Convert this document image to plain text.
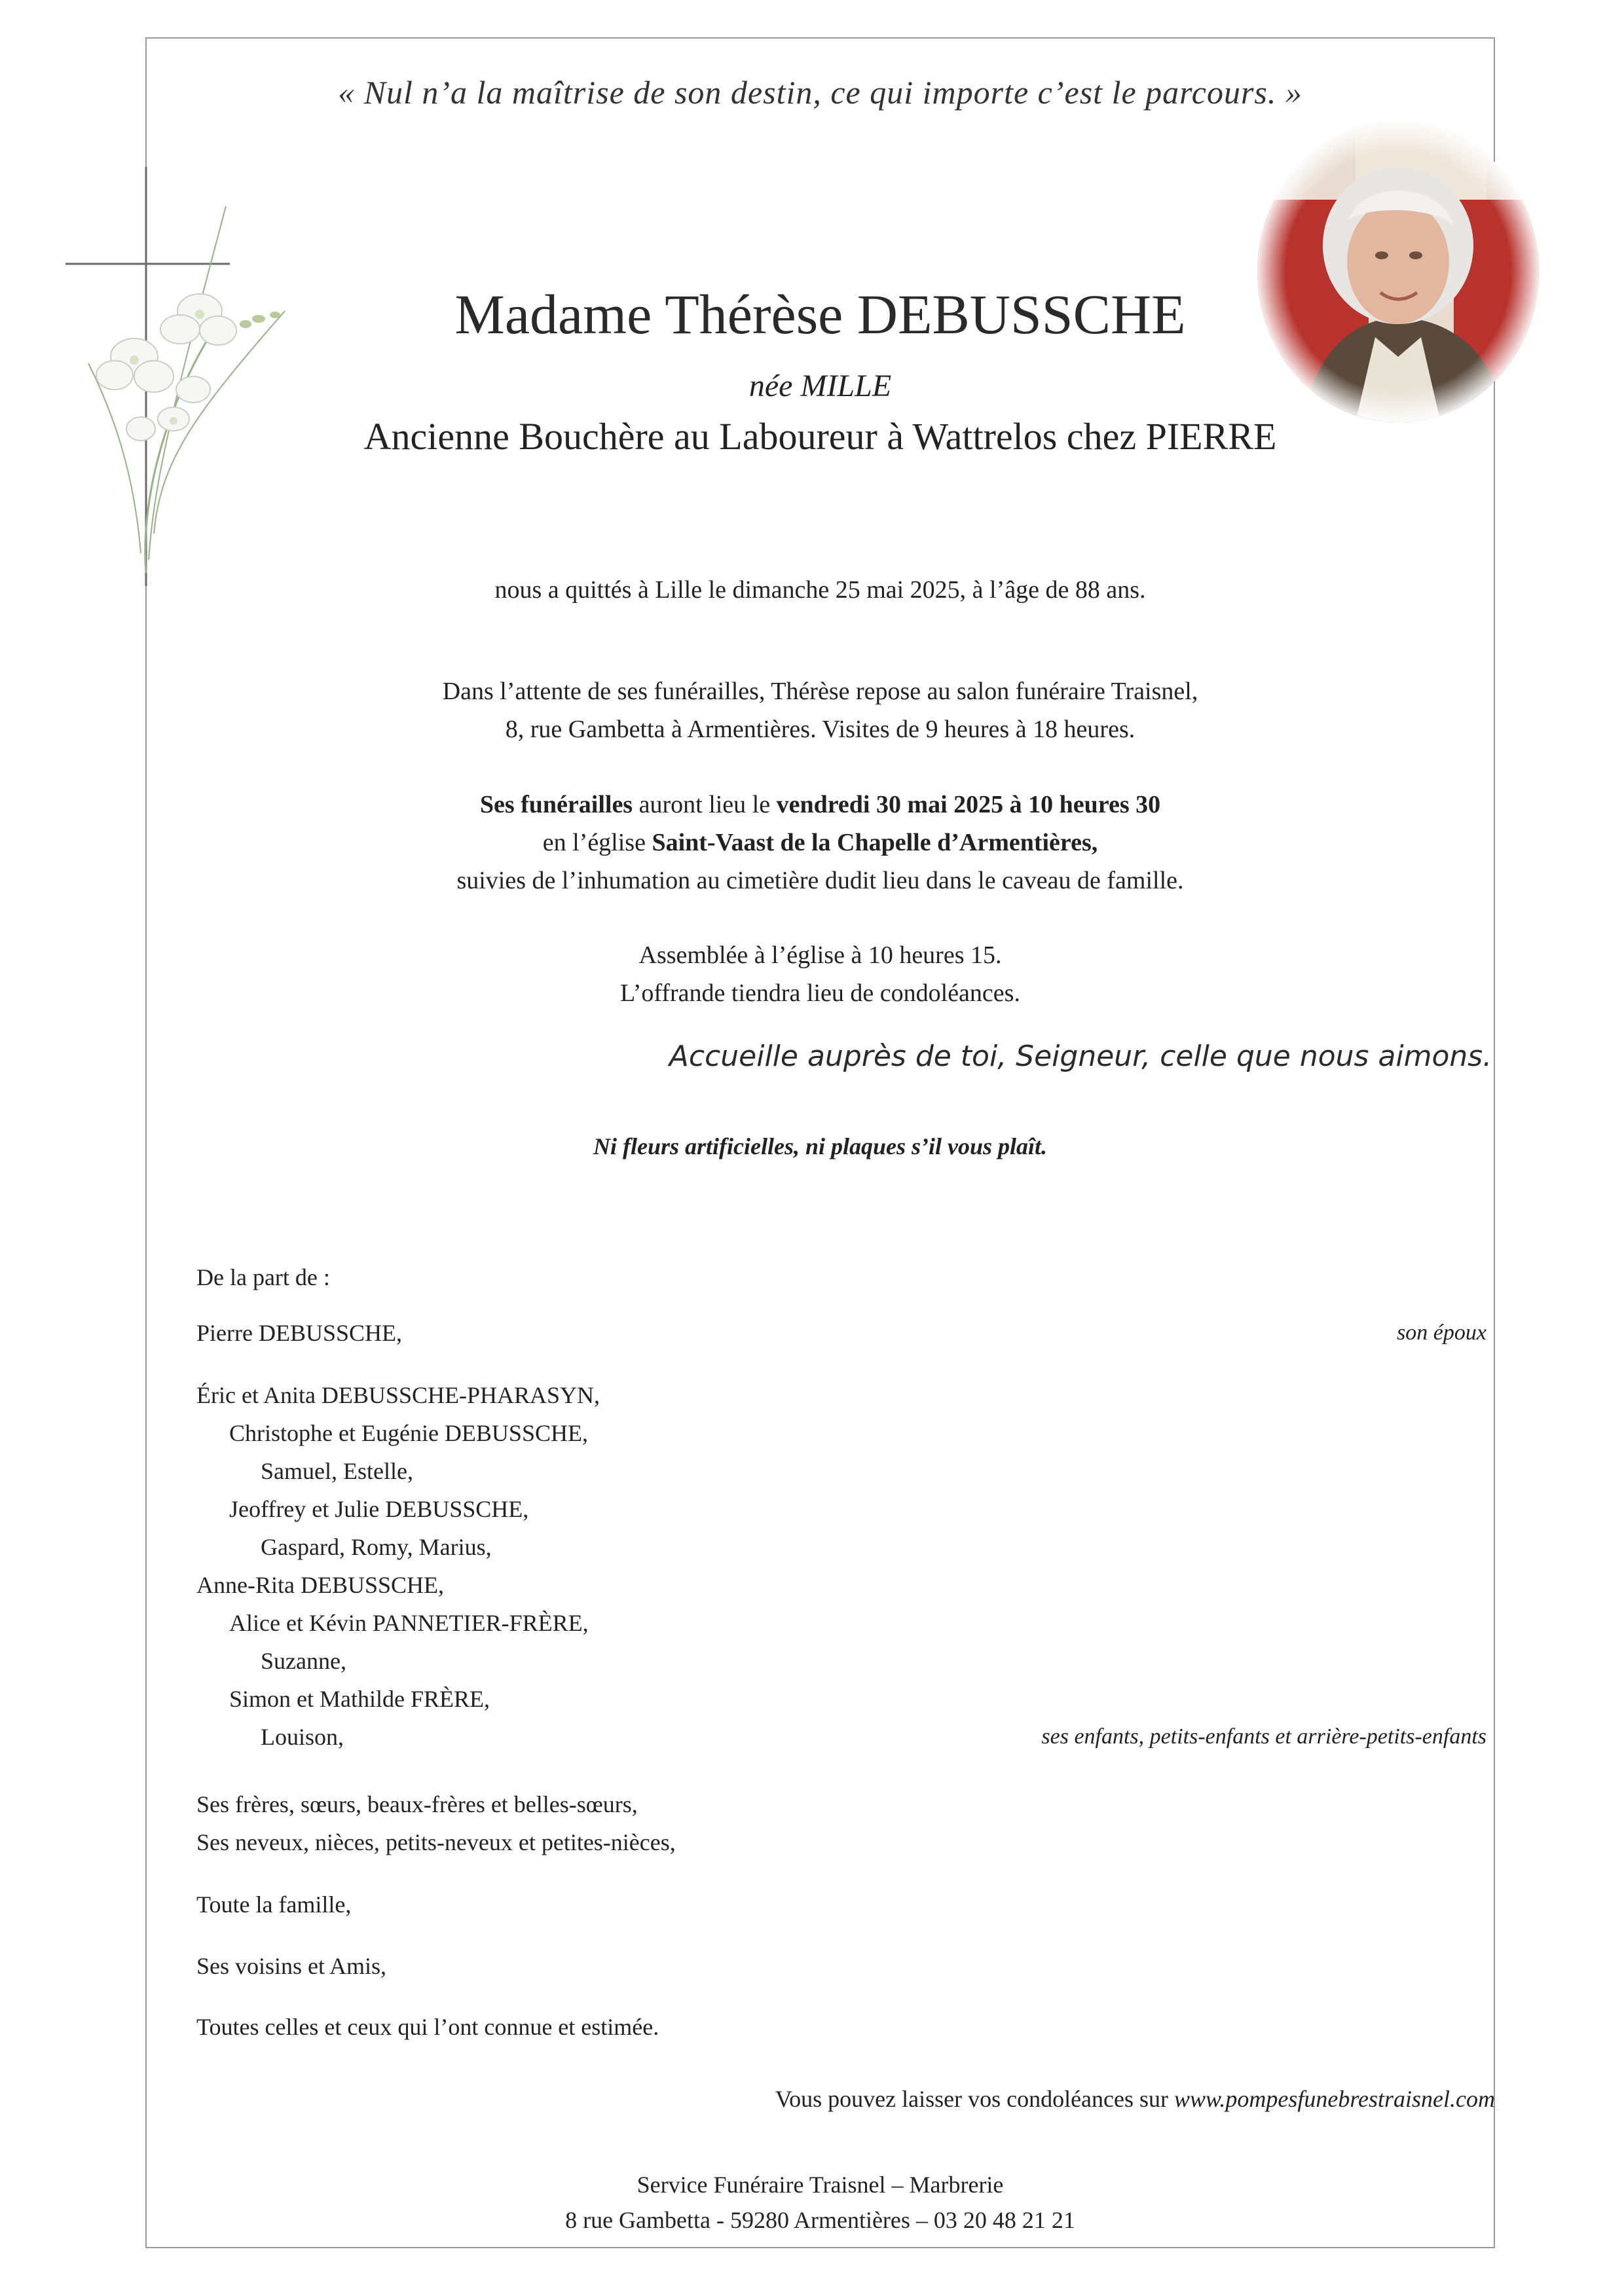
« Nul n’a la maîtrise de son destin, ce qui importe c’est le parcours. »
Madame Thérèse DEBUSSCHE
née MILLE
Ancienne Bouchère au Laboureur à Wattrelos chez PIERRE
nous a quittés à Lille le dimanche 25 mai 2025, à l’âge de 88 ans.
Dans l’attente de ses funérailles, Thérèse repose au salon funéraire Traisnel,
8, rue Gambetta à Armentières. Visites de 9 heures à 18 heures.
Ses funérailles auront lieu le vendredi 30 mai 2025 à 10 heures 30
en l’église Saint-Vaast de la Chapelle d’Armentières,
suivies de l’inhumation au cimetière dudit lieu dans le caveau de famille.
Assemblée à l’église à 10 heures 15.
L’offrande tiendra lieu de condoléances.
Accueille auprès de toi, Seigneur, celle que nous aimons.
Ni fleurs artificielles, ni plaques s’il vous plaît.
De la part de :
Pierre DEBUSSCHE,	son époux
Éric et Anita DEBUSSCHE-PHARASYN,
Christophe et Eugénie DEBUSSCHE,
Samuel, Estelle,
Jeoffrey et Julie DEBUSSCHE,
Gaspard, Romy, Marius,
Anne-Rita DEBUSSCHE,
Alice et Kévin PANNETIER-FRÈRE,
Suzanne,
Simon et Mathilde FRÈRE,
Louison,	ses enfants, petits-enfants et arrière-petits-enfants
Ses frères, sœurs, beaux-frères et belles-sœurs,
Ses neveux, nièces, petits-neveux et petites-nièces,
Toute la famille,
Ses voisins et Amis,
Toutes celles et ceux qui l’ont connue et estimée.
Vous pouvez laisser vos condoléances sur www.pompesfunebrestraisnel.com
Service Funéraire Traisnel – Marbrerie
8 rue Gambetta - 59280 Armentières – 03 20 48 21 21
